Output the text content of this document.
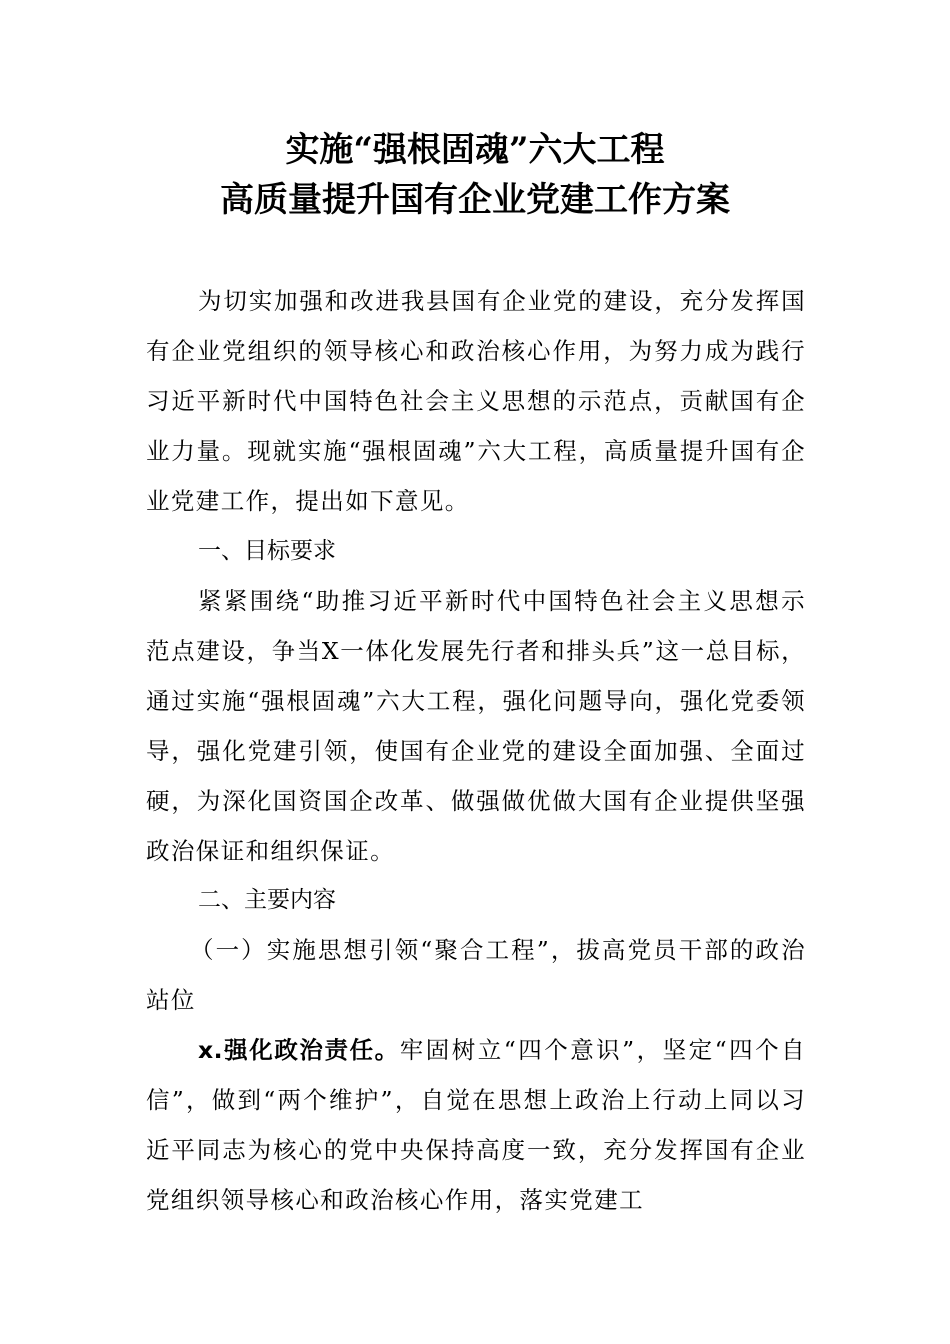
实施“强根固魂”六大工程
高质量提升国有企业党建工作方案

为切实加强和改进我县国有企业党的建设，充分发挥国有企业党组织的领导核心和政治核心作用，为努力成为践行习近平新时代中国特色社会主义思想的示范点，贡献国有企业力量。现就实施“强根固魂”六大工程，高质量提升国有企业党建工作，提出如下意见。

一、目标要求

紧紧围绕“助推习近平新时代中国特色社会主义思想示范点建设，争当X一体化发展先行者和排头兵”这一总目标，通过实施“强根固魂”六大工程，强化问题导向，强化党委领导，强化党建引领，使国有企业党的建设全面加强、全面过硬，为深化国资国企改革、做强做优做大国有企业提供坚强政治保证和组织保证。

二、主要内容

（一）实施思想引领“聚合工程”，拔高党员干部的政治站位

x.强化政治责任。牢固树立“四个意识”，坚定“四个自信”，做到“两个维护”，自觉在思想上政治上行动上同以习近平同志为核心的党中央保持高度一致，充分发挥国有企业党组织领导核心和政治核心作用，落实党建工
